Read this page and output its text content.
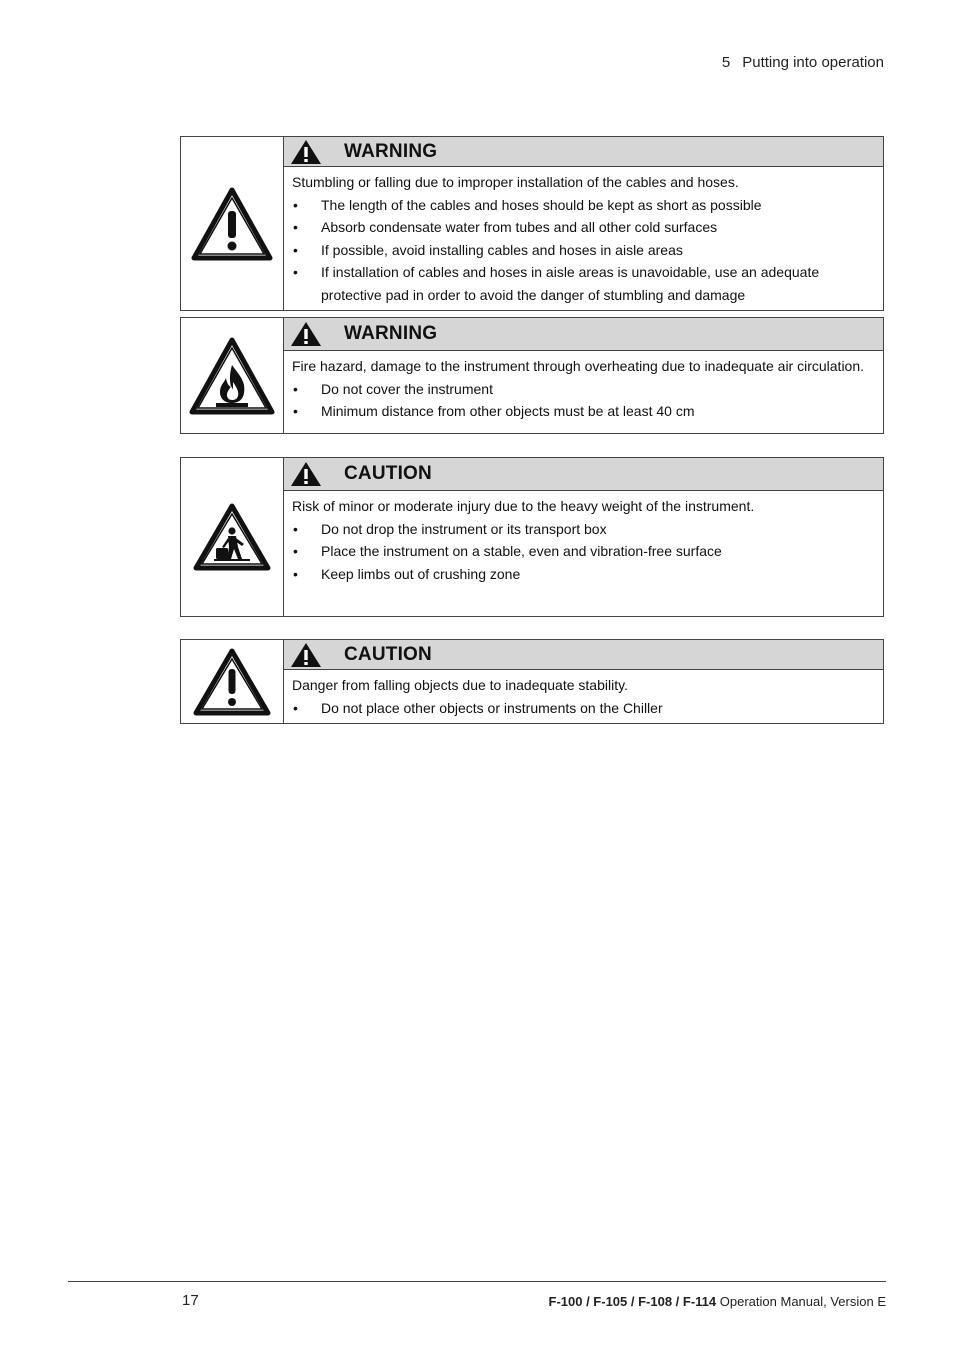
5 Putting into operation
WARNING
Stumbling or falling due to improper installation of the cables and hoses.
• The length of the cables and hoses should be kept as short as possible
• Absorb condensate water from tubes and all other cold surfaces
• If possible, avoid installing cables and hoses in aisle areas
• If installation of cables and hoses in aisle areas is unavoidable, use an adequate protective pad in order to avoid the danger of stumbling and damage
WARNING
Fire hazard, damage to the instrument through overheating due to inadequate air circulation.
• Do not cover the instrument
• Minimum distance from other objects must be at least 40 cm
CAUTION
Risk of minor or moderate injury due to the heavy weight of the instrument.
• Do not drop the instrument or its transport box
• Place the instrument on a stable, even and vibration-free surface
• Keep limbs out of crushing zone
CAUTION
Danger from falling objects due to inadequate stability.
• Do not place other objects or instruments on the Chiller
17	F-100 / F-105 / F-108 / F-114 Operation Manual, Version E
